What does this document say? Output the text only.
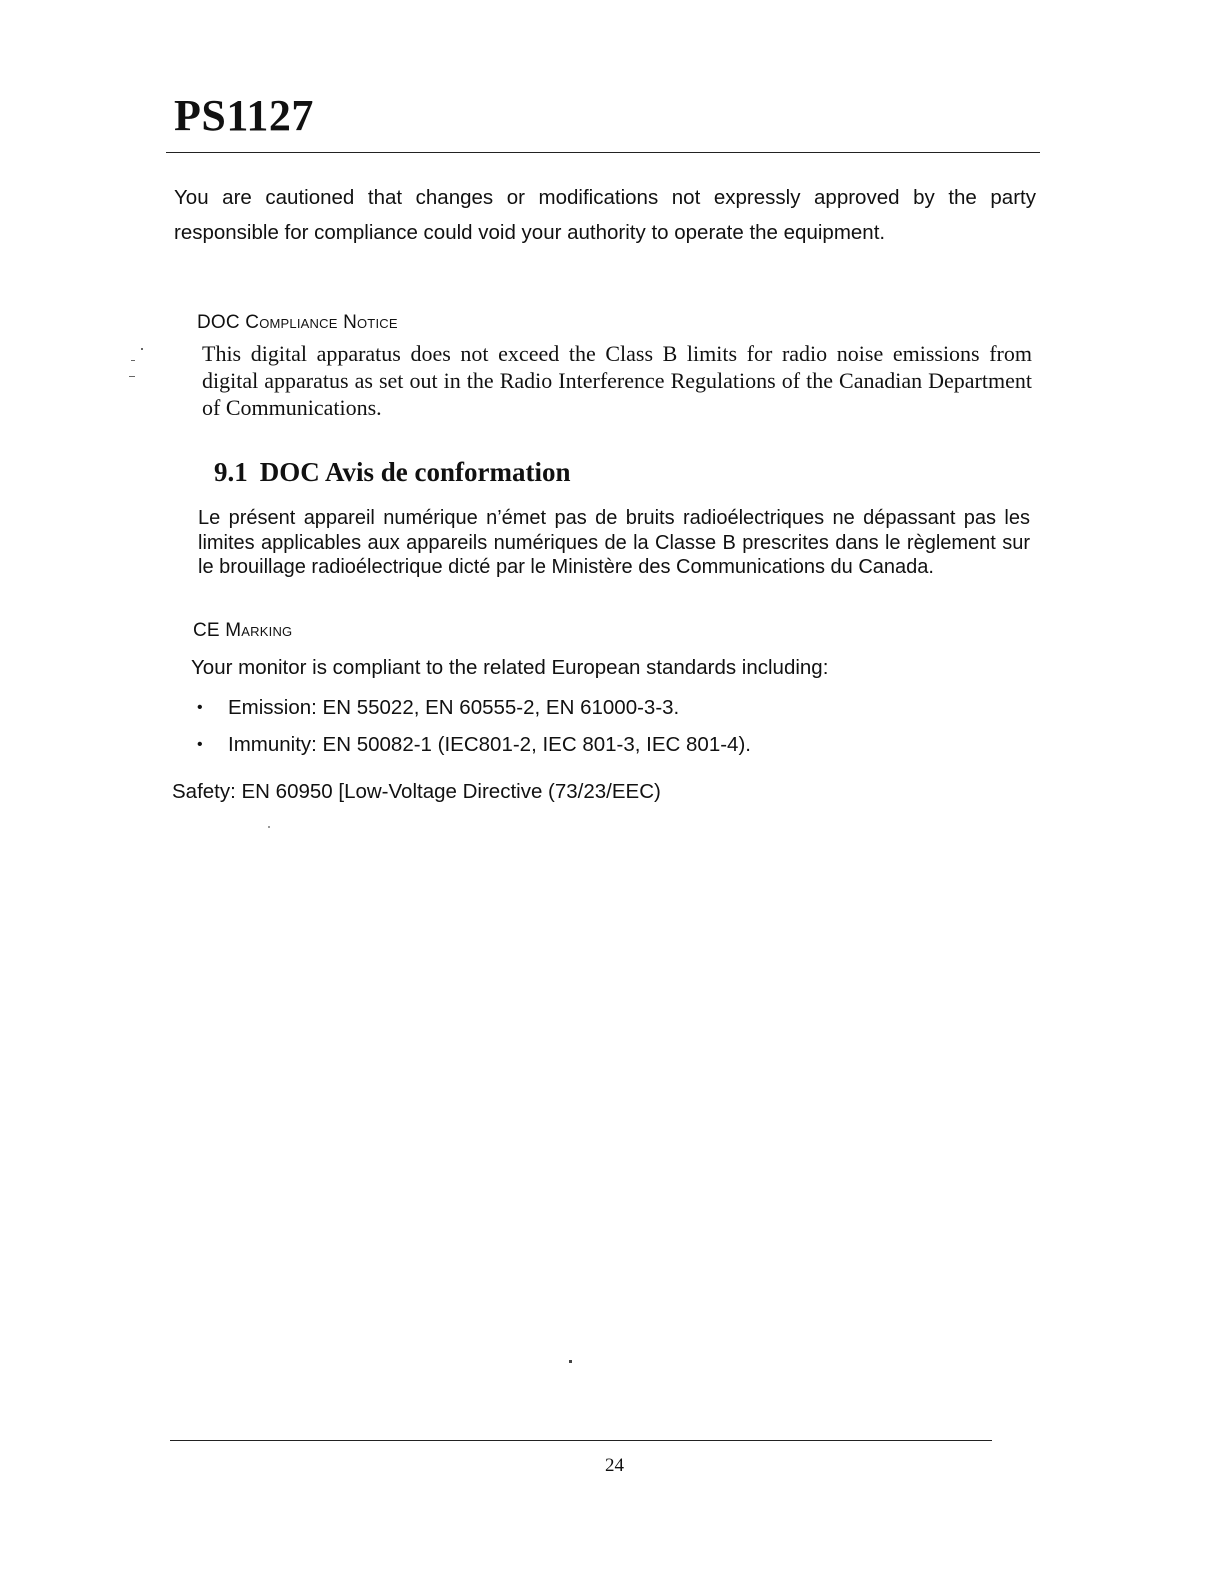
PS1127

You are cautioned that changes or modifications not expressly approved by the party responsible for compliance could void your authority to operate the equipment.

DOC Compliance Notice

This digital apparatus does not exceed the Class B limits for radio noise emissions from digital apparatus as set out in the Radio Interference Regulations of the Canadian Department of Communications.

9.1 DOC Avis de conformation

Le présent appareil numérique n’émet pas de bruits radioélectriques ne dépassant pas les limites applicables aux appareils numériques de la Classe B prescrites dans le règlement sur le brouillage radioélectrique dicté par le Ministère des Communications du Canada.

CE Marking

Your monitor is compliant to the related European standards including:

• Emission: EN 55022, EN 60555-2, EN 61000-3-3.
• Immunity: EN 50082-1 (IEC801-2, IEC 801-3, IEC 801-4).

Safety: EN 60950 [Low-Voltage Directive (73/23/EEC)

24
